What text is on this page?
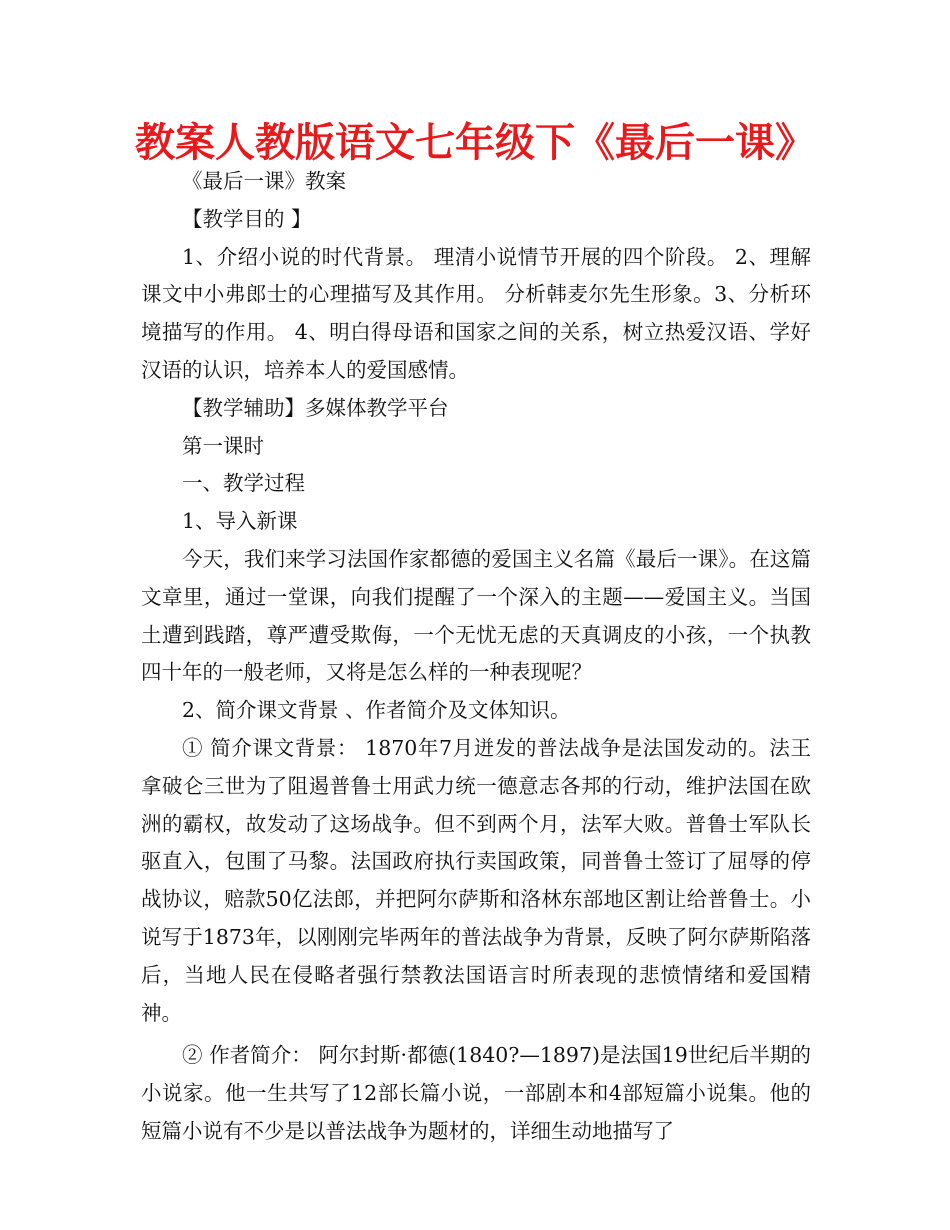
教案人教版语文七年级下《最后一课》

《最后一课》教案

【教学目的 】

1、介绍小说的时代背景。 理清小说情节开展的四个阶段。 2、理解课文中小弗郎士的心理描写及其作用。 分析韩麦尔先生形象。3、分析环境描写的作用。 4、明白得母语和国家之间的关系，树立热爱汉语、学好汉语的认识，培养本人的爱国感情。

【教学辅助】多媒体教学平台

第一课时

一、教学过程

1、导入新课

今天，我们来学习法国作家都德的爱国主义名篇《最后一课》。在这篇文章里，通过一堂课，向我们提醒了一个深入的主题——爱国主义。当国土遭到践踏，尊严遭受欺侮，一个无忧无虑的天真调皮的小孩，一个执教四十年的一般老师，又将是怎么样的一种表现呢？

2、简介课文背景 、作者简介及文体知识。

① 简介课文背景： 1870年7月迸发的普法战争是法国发动的。法王拿破仑三世为了阻遏普鲁士用武力统一德意志各邦的行动，维护法国在欧洲的霸权，故发动了这场战争。但不到两个月，法军大败。普鲁士军队长驱直入，包围了马黎。法国政府执行卖国政策，同普鲁士签订了屈辱的停战协议，赔款50亿法郎，并把阿尔萨斯和洛林东部地区割让给普鲁士。小说写于1873年，以刚刚完毕两年的普法战争为背景，反映了阿尔萨斯陷落后，当地人民在侵略者强行禁教法国语言时所表现的悲愤情绪和爱国精神。

② 作者简介： 阿尔封斯·都德(1840?—1897)是法国19世纪后半期的小说家。他一生共写了12部长篇小说，一部剧本和4部短篇小说集。他的短篇小说有不少是以普法战争为题材的，详细生动地描写了
